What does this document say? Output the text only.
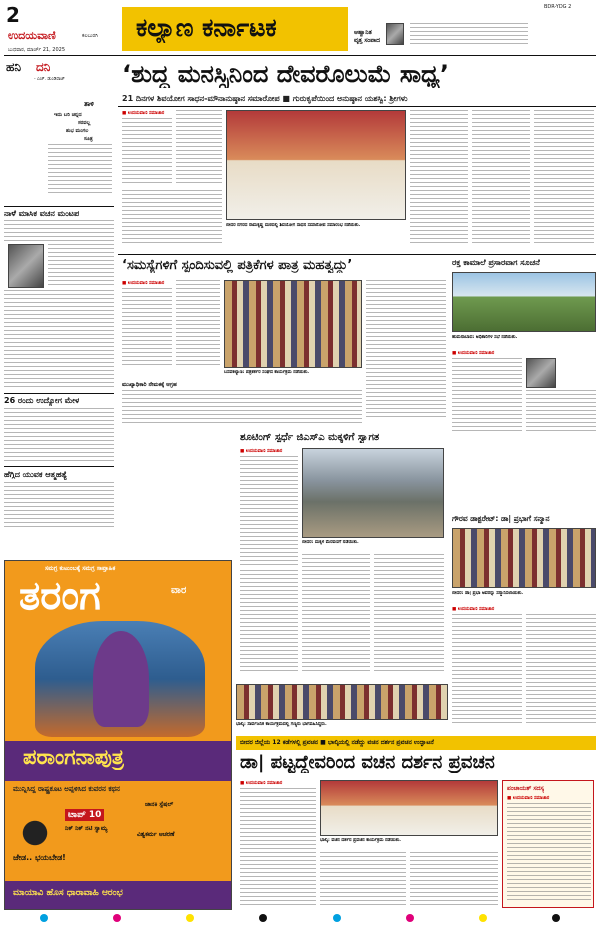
2
ಉದಯವಾಣಿ	ಕಲಬುರಗಿ
ಬುಧವಾರ, ಮಾರ್ಚ್ 21, 2025
ಕಲ್ಯಾಣ ಕರ್ನಾಟಕ	ಆಹ್ವಾನಿತ
ವೃತ್ತ ಸಂಪಾದ
BDR-YDG 2
ಹನಿ ದನಿ
- ಎಚ್. ಡುಂಡಿರಾಜ್
ತಾಳಿ
ಇದು ಬರಿ ಚಿನ್ನದ
ಸರವಲ್ಲ
ಶುಭ ಮಂಗಲ
ಸೂತ್ರ
ನಾಳೆ ಮಾಸಿಕ ವಚನ ಮಂಟಪ
26 ರಂದು ಉದ್ಯೋಗ ಮೇಳ
ಹೆಗ್ಗಿದ ಯುವಕ ಆತ್ಮಹತ್ಯೆ
‘ಶುದ್ಧ ಮನಸ್ಸಿನಿಂದ ದೇವರೊಲುಮೆ ಸಾಧ್ಯ’
21 ದಿನಗಳ ಶಿವಯೋಗ ಸಾಧನ-ಮೌನಾನುಷ್ಠಾನ ಸಮಾರೋಪ ■ ಗುರುಕೃಪೆಯಿಂದ ಅನುಷ್ಠಾನ ಯಶಸ್ವಿ: ಶ್ರೀಗಳು
■ ಉದಯವಾಣಿ ಸಮಾಚಾರ
ಬೀದರ ನಗರದ ರಾಮಕೃಷ್ಣ ಮಠದಲ್ಲಿ ಶಿವಯೋಗ ಸಾಧನ ಸಮಾರೋಪ ಸಮಾರಂಭ ನಡೆಯಿತು.
‘ಸಮಸ್ಯೆಗಳಿಗೆ ಸ್ಪಂದಿಸುವಲ್ಲಿ ಪತ್ರಿಕೆಗಳ ಪಾತ್ರ ಮಹತ್ವದ್ದು’
■ ಉದಯವಾಣಿ ಸಮಾಚಾರ
ಬಸವಕಲ್ಯಾಣ: ಪತ್ರಕರ್ತರ ಸಂಘದ ಕಾರ್ಯಕ್ರಮ ನಡೆಯಿತು.
ಮುಖ್ಯಾಧಿಕಾರಿ ನೇಮಕಕ್ಕೆ ಆಗ್ರಹ
ರಕ್ತ ಕಾಮಾಲೆ ಪ್ರಸಾರವಾಗ ಸೂಚನೆ
ಹುಮನಾಬಾದ: ಅಧಿಕಾರಿಗಳ ಸಭೆ ನಡೆಯಿತು.
■ ಉದಯವಾಣಿ ಸಮಾಚಾರ
ಸಮಗ್ರ ಕುಟುಂಬಕ್ಕೆ ಸಮಗ್ರ ಸಾಪ್ತಾಹಿಕ
ತರಂಗ	ವಾರ
ಪರಾಂಗನಾಪುತ್ರ
ಮುನ್ನಿಸಿದ್ದ ರಾಷ್ಟ್ರಕೂಟ ಅಪ್ಪಳಿಸಿದ ಕುವರನ ಕಥನ
ಜೇಡ.. ಭಯಬೇಡ!
ಟಾಪ್ 10
ನಿಕ್ ನಿಕ್ ನಟಿ ಸ್ವಾಮ್ಯ
ಜಾನಕಿ ಸ್ಪೆಷಲ್
ವಿಶ್ವಕರ್ಮ ಆಚರಣೆ
ಮಾಯಾವಿ ಹೊಸ ಧಾರಾವಾಹಿ ಆರಂಭ
ಶೂಟಿಂಗ್ ಸ್ಪರ್ಧೆ ಜಿಎಸ್ಎ ಮಕ್ಕಳಿಗೆ ಸ್ವಾಗತ
■ ಉದಯವಾಣಿ ಸಮಾಚಾರ
ಬೀದರ: ಮಕ್ಕಳ ಮೆರವಣಿಗೆ ನಡೆಯಿತು.
ಗೌರವ ಡಾಕ್ಟರೇಟ್: ಡಾ| ಪ್ರಭಾಗೆ ಸನ್ಮಾನ
ಬೀದರ: ಡಾ| ಪ್ರಭಾ ಅವರನ್ನು ಸನ್ಮಾನಿಸಲಾಯಿತು.
■ ಉದಯವಾಣಿ ಸಮಾಚಾರ
ಭಾಲ್ಕಿ: ಸಾರ್ವಜನಿಕ ಕಾರ್ಯಕ್ರಮದಲ್ಲಿ ಗಣ್ಯರು ಭಾಗವಹಿಸಿದ್ದರು.
ಬೀದರ ಜಿಲ್ಲೆಯ 12 ಕಡೆಗಳಲ್ಲಿ ಪ್ರವಚನ ■ ಭಾಲ್ಕಿಯಲ್ಲಿ ನಡೆದ್ದು ವಚನ ದರ್ಶನ ಪ್ರವಚನ ಉದ್ಘಾಟನೆ
ಡಾ| ಪಟ್ಟದ್ದೇವರಿಂದ ವಚನ ದರ್ಶನ ಪ್ರವಚನ
■ ಉದಯವಾಣಿ ಸಮಾಚಾರ
ಭಾಲ್ಕಿ: ವಚನ ದರ್ಶನ ಪ್ರವಚನ ಕಾರ್ಯಕ್ರಮ ನಡೆಯಿತು.
ಪಂಚಾಯತ್ ಸದಸ್ಯ
■ ಉದಯವಾಣಿ ಸಮಾಚಾರ
